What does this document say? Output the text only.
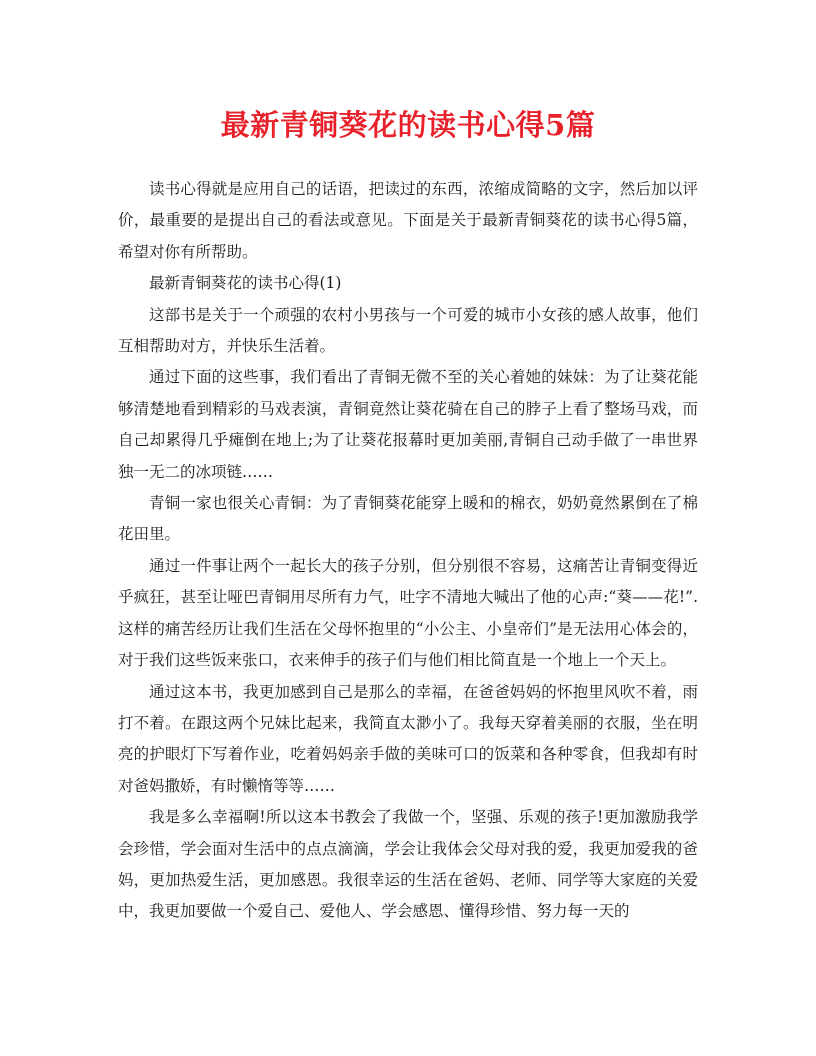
最新青铜葵花的读书心得5篇

读书心得就是应用自己的话语，把读过的东西，浓缩成简略的文字，然后加以评价，最重要的是提出自己的看法或意见。下面是关于最新青铜葵花的读书心得5篇，希望对你有所帮助。

最新青铜葵花的读书心得(1)

这部书是关于一个顽强的农村小男孩与一个可爱的城市小女孩的感人故事，他们互相帮助对方，并快乐生活着。

通过下面的这些事，我们看出了青铜无微不至的关心着她的妹妹：为了让葵花能够清楚地看到精彩的马戏表演，青铜竟然让葵花骑在自己的脖子上看了整场马戏，而自己却累得几乎瘫倒在地上;为了让葵花报幕时更加美丽,青铜自己动手做了一串世界独一无二的冰项链……

青铜一家也很关心青铜：为了青铜葵花能穿上暖和的棉衣，奶奶竟然累倒在了棉花田里。

通过一件事让两个一起长大的孩子分别，但分别很不容易，这痛苦让青铜变得近乎疯狂，甚至让哑巴青铜用尽所有力气，吐字不清地大喊出了他的心声:“葵——花!”.这样的痛苦经历让我们生活在父母怀抱里的“小公主、小皇帝们”是无法用心体会的，对于我们这些饭来张口，衣来伸手的孩子们与他们相比简直是一个地上一个天上。

通过这本书，我更加感到自己是那么的幸福，在爸爸妈妈的怀抱里风吹不着，雨打不着。在跟这两个兄妹比起来，我简直太渺小了。我每天穿着美丽的衣服，坐在明亮的护眼灯下写着作业，吃着妈妈亲手做的美味可口的饭菜和各种零食，但我却有时对爸妈撒娇，有时懒惰等等……

我是多么幸福啊!所以这本书教会了我做一个，坚强、乐观的孩子!更加激励我学会珍惜，学会面对生活中的点点滴滴，学会让我体会父母对我的爱，我更加爱我的爸妈，更加热爱生活，更加感恩。我很幸运的生活在爸妈、老师、同学等大家庭的关爱中，我更加要做一个爱自己、爱他人、学会感恩、懂得珍惜、努力每一天的
